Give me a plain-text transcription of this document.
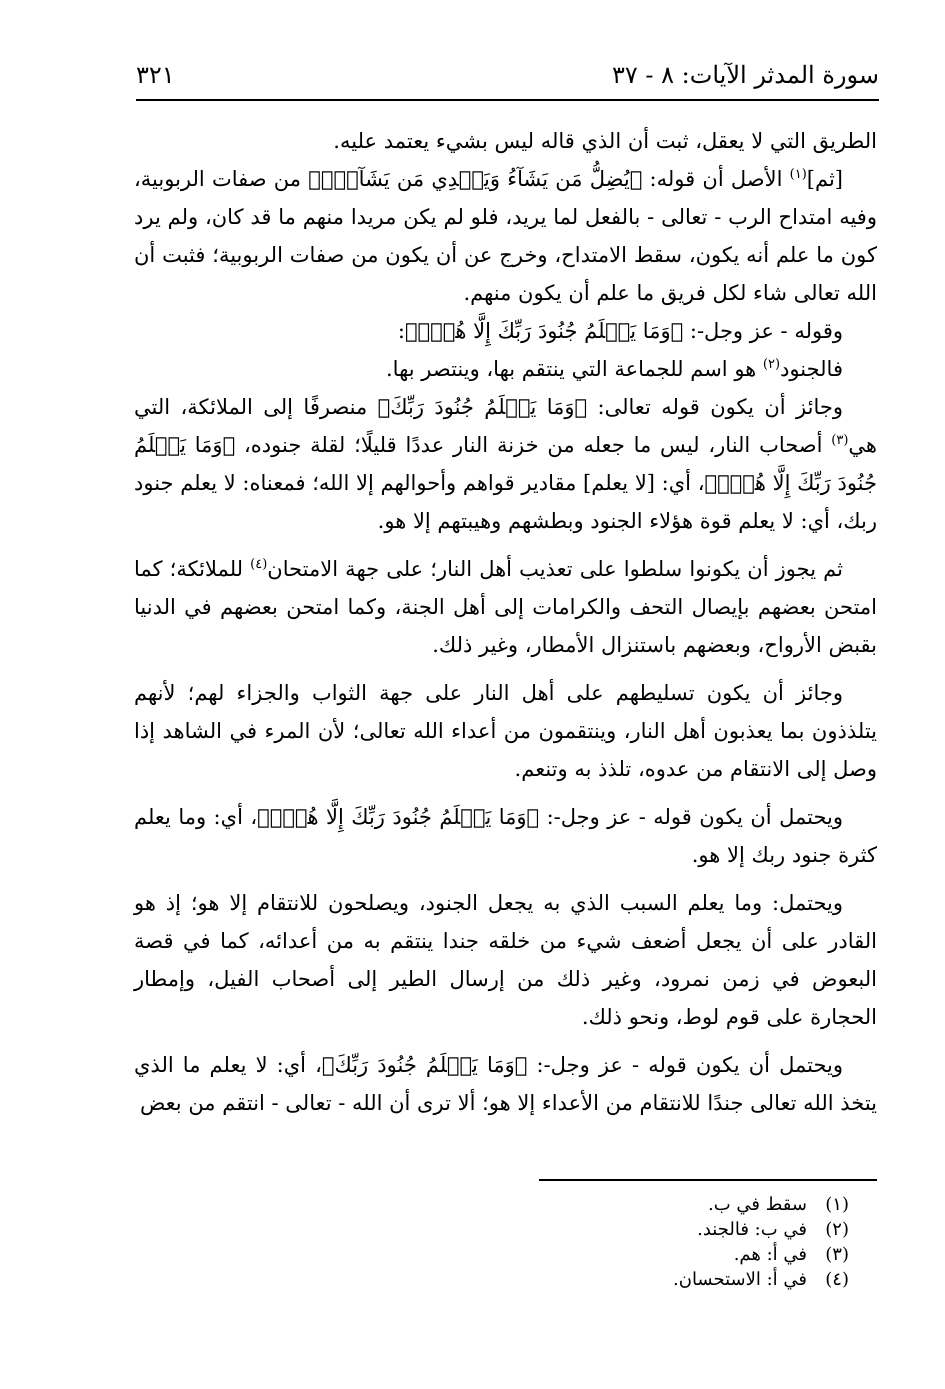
سورة المدثر الآيات: ٨ - ٣٧
٣٢١

الطريق التي لا يعقل، ثبت أن الذي قاله ليس بشيء يعتمد عليه.

[ثم]$^{(١)}$ الأصل أن قوله: ﴿ يُضِلُّ مَن يَشَآءُ وَيَهۡدِي مَن يَشَآءُۚ ﴾ من صفات الربوبية، وفيه امتداح الرب - تعالى - بالفعل لما يريد، فلو لم يكن مريدا منهم ما قد كان، ولم يرد كون ما علم أنه يكون، سقط الامتداح، وخرج عن أن يكون من صفات الربوبية؛ فثبت أن الله تعالى شاء لكل فريق ما علم أن يكون منهم.

وقوله - عز وجل-: ﴿ وَمَا يَعۡلَمُ جُنُودَ رَبِّكَ إِلَّا هُوَۚ ﴾:

فالجنود$^{(٢)}$ هو اسم للجماعة التي ينتقم بها، وينتصر بها.

وجائز أن يكون قوله تعالى: ﴿ وَمَا يَعۡلَمُ جُنُودَ رَبِّكَ ﴾ منصرفًا إلى الملائكة، التي هي$^{(٣)}$ أصحاب النار، ليس ما جعله من خزنة النار عددًا قليلًا؛ لقلة جنوده، ﴿ وَمَا يَعۡلَمُ جُنُودَ رَبِّكَ إِلَّا هُوَۚ ﴾، أي: [لا يعلم] مقادير قواهم وأحوالهم إلا الله؛ فمعناه: لا يعلم جنود ربك، أي: لا يعلم قوة هؤلاء الجنود وبطشهم وهيبتهم إلا هو.

ثم يجوز أن يكونوا سلطوا على تعذيب أهل النار؛ على جهة الامتحان$^{(٤)}$ للملائكة؛ كما امتحن بعضهم بإيصال التحف والكرامات إلى أهل الجنة، وكما امتحن بعضهم في الدنيا بقبض الأرواح، وبعضهم باستنزال الأمطار، وغير ذلك.

وجائز أن يكون تسليطهم على أهل النار على جهة الثواب والجزاء لهم؛ لأنهم يتلذذون بما يعذبون أهل النار، وينتقمون من أعداء الله تعالى؛ لأن المرء في الشاهد إذا وصل إلى الانتقام من عدوه، تلذذ به وتنعم.

ويحتمل أن يكون قوله - عز وجل-: ﴿ وَمَا يَعۡلَمُ جُنُودَ رَبِّكَ إِلَّا هُوَۚ ﴾، أي: وما يعلم كثرة جنود ربك إلا هو.

ويحتمل: وما يعلم السبب الذي به يجعل الجنود، ويصلحون للانتقام إلا هو؛ إذ هو القادر على أن يجعل أضعف شيء من خلقه جندا ينتقم به من أعدائه، كما في قصة البعوض في زمن نمرود، وغير ذلك من إرسال الطير إلى أصحاب الفيل، وإمطار الحجارة على قوم لوط، ونحو ذلك.

ويحتمل أن يكون قوله - عز وجل-: ﴿ وَمَا يَعۡلَمُ جُنُودَ رَبِّكَ ﴾، أي: لا يعلم ما الذي يتخذ الله تعالى جندًا للانتقام من الأعداء إلا هو؛ ألا ترى أن الله - تعالى - انتقم من بعض

(١)سقط في ب.
(٢)في ب: فالجند.
(٣)في أ: هم.
(٤)في أ: الاستحسان.
